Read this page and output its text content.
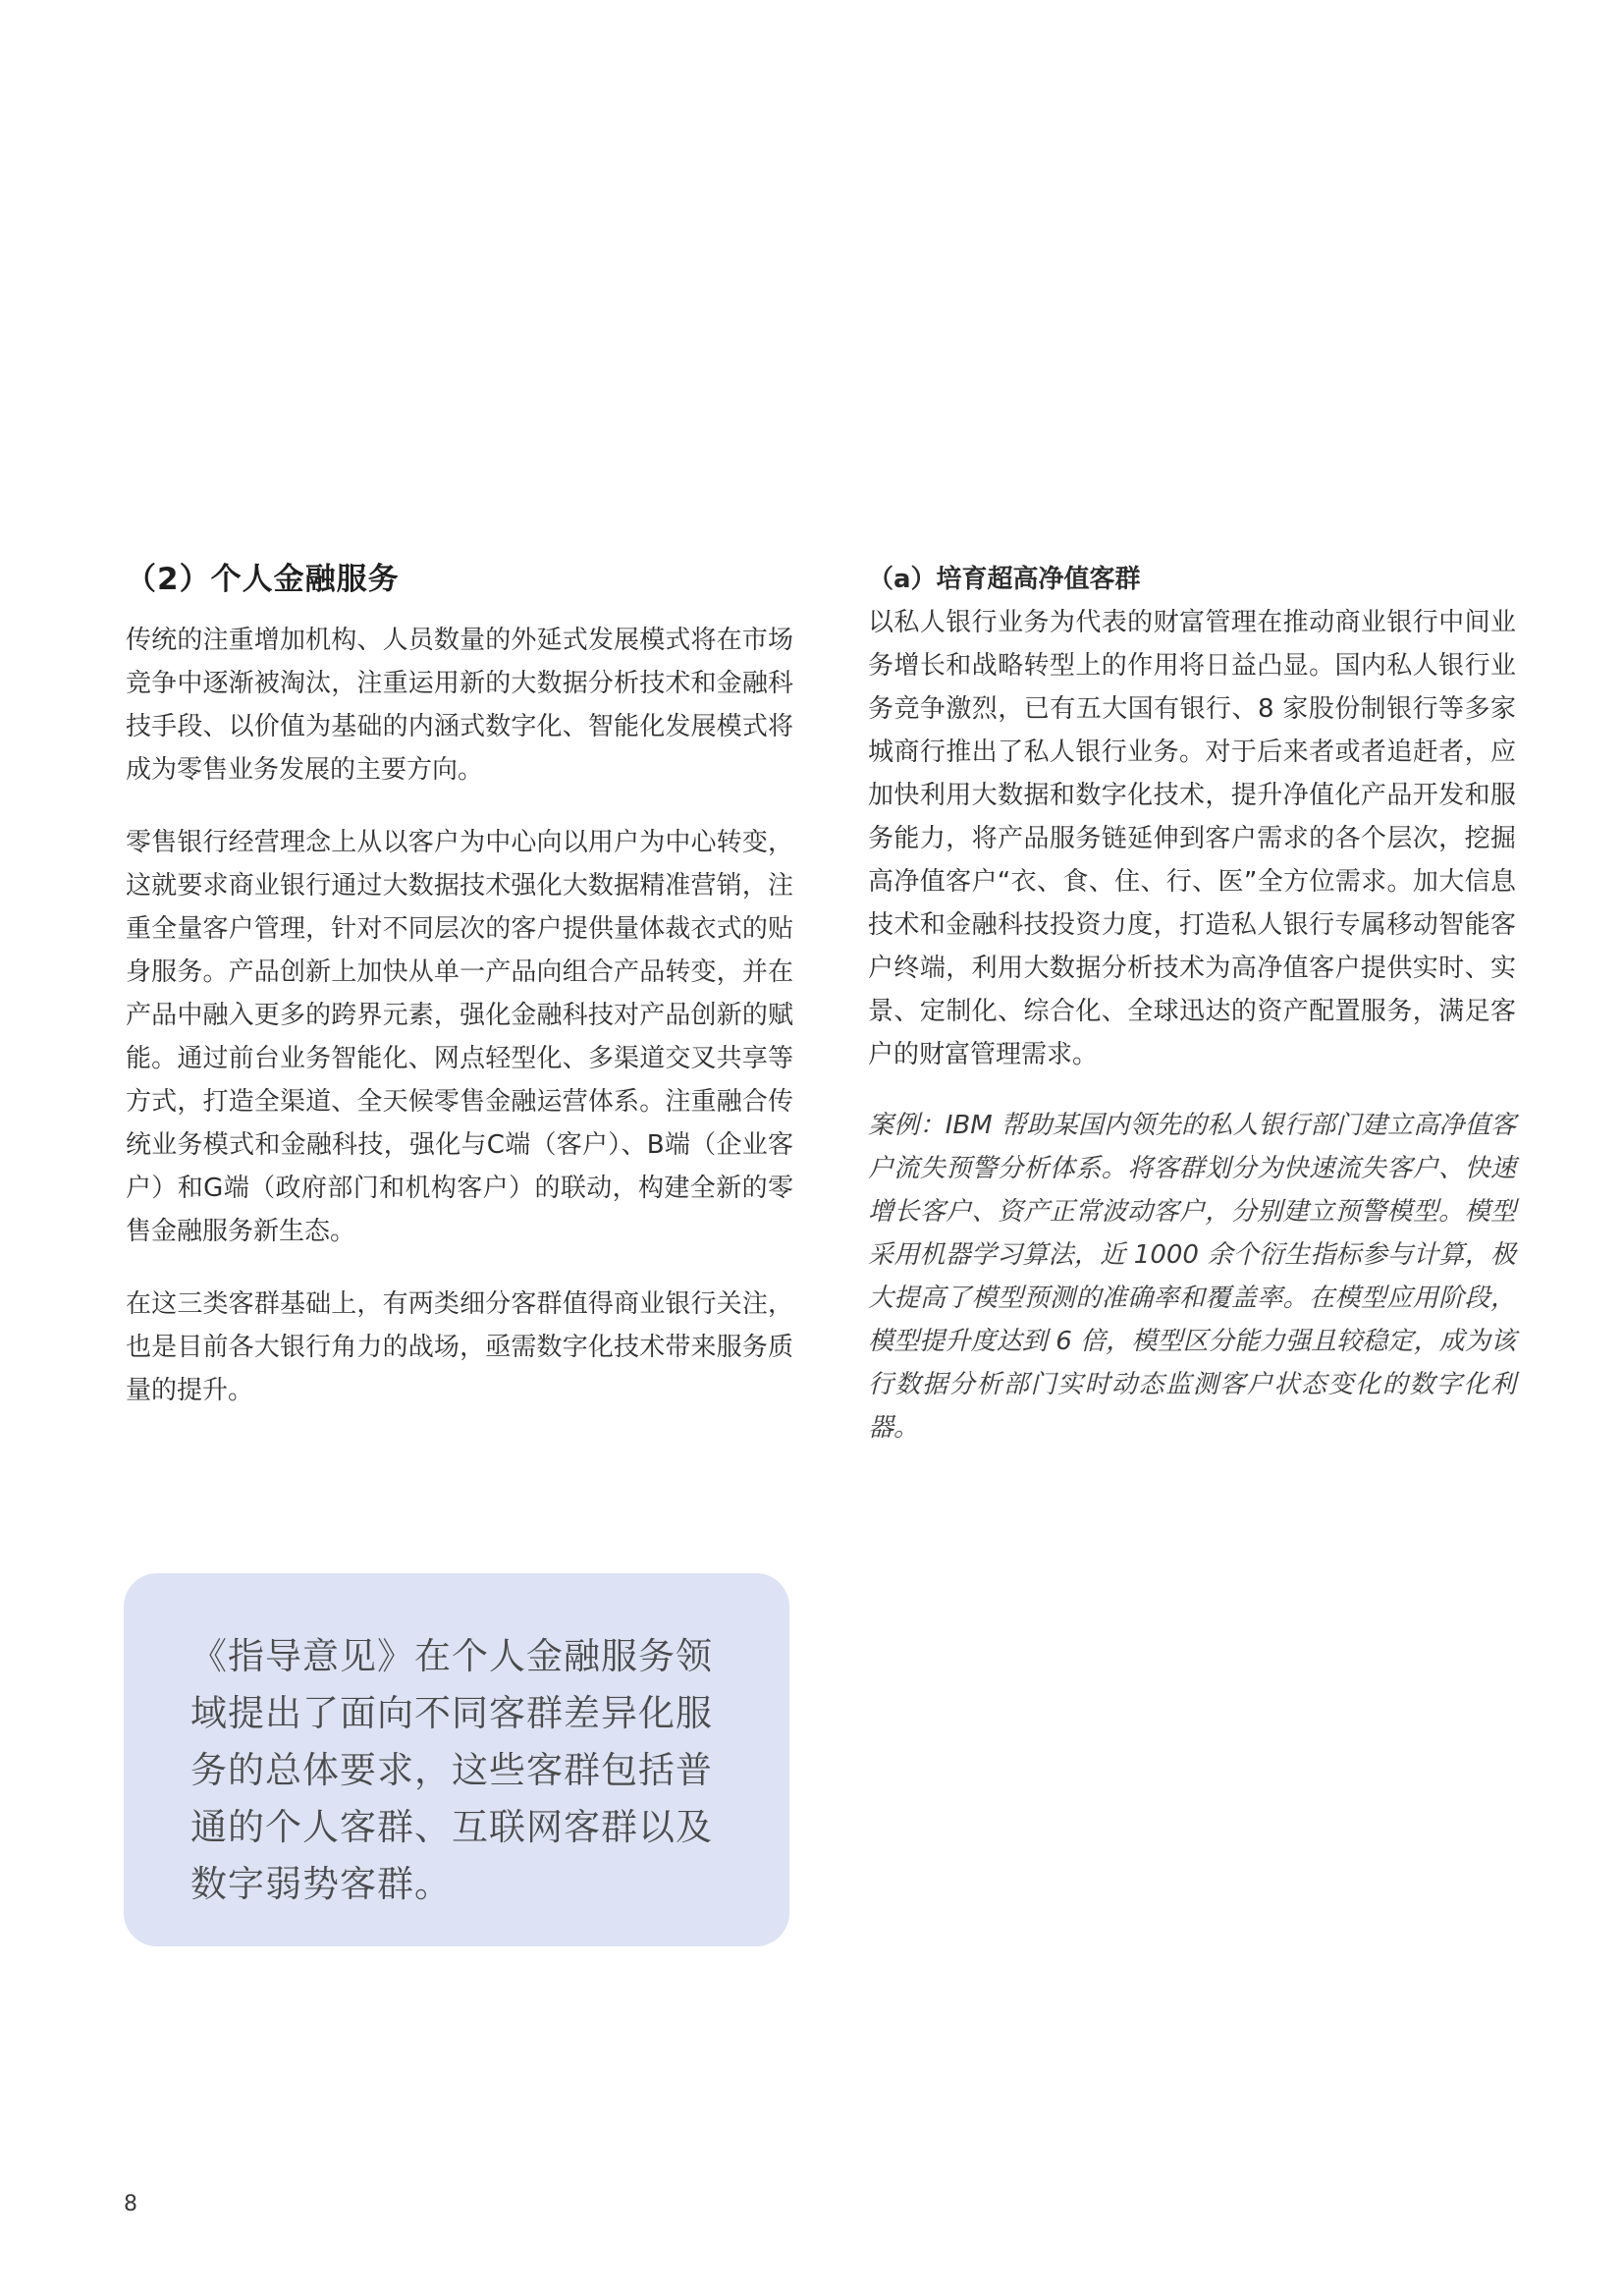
（2）个人金融服务

传统的注重增加机构、人员数量的外延式发展模式将在市场竞争中逐渐被淘汰，注重运用新的大数据分析技术和金融科技手段、以价值为基础的内涵式数字化、智能化发展模式将成为零售业务发展的主要方向。

零售银行经营理念上从以客户为中心向以用户为中心转变，这就要求商业银行通过大数据技术强化大数据精准营销，注重全量客户管理，针对不同层次的客户提供量体裁衣式的贴身服务。产品创新上加快从单一产品向组合产品转变，并在产品中融入更多的跨界元素，强化金融科技对产品创新的赋能。通过前台业务智能化、网点轻型化、多渠道交叉共享等方式，打造全渠道、全天候零售金融运营体系。注重融合传统业务模式和金融科技，强化与C端（客户）、B端（企业客户）和G端（政府部门和机构客户）的联动，构建全新的零售金融服务新生态。

在这三类客群基础上，有两类细分客群值得商业银行关注，也是目前各大银行角力的战场，亟需数字化技术带来服务质量的提升。

《指导意见》在个人金融服务领域提出了面向不同客群差异化服务的总体要求，这些客群包括普通的个人客群、互联网客群以及数字弱势客群。

（a）培育超高净值客群

以私人银行业务为代表的财富管理在推动商业银行中间业务增长和战略转型上的作用将日益凸显。国内私人银行业务竞争激烈，已有五大国有银行、8 家股份制银行等多家城商行推出了私人银行业务。对于后来者或者追赶者，应加快利用大数据和数字化技术，提升净值化产品开发和服务能力，将产品服务链延伸到客户需求的各个层次，挖掘高净值客户“衣、食、住、行、医”全方位需求。加大信息技术和金融科技投资力度，打造私人银行专属移动智能客户终端，利用大数据分析技术为高净值客户提供实时、实景、定制化、综合化、全球迅达的资产配置服务，满足客户的财富管理需求。

案例：IBM 帮助某国内领先的私人银行部门建立高净值客户流失预警分析体系。将客群划分为快速流失客户、快速增长客户、资产正常波动客户，分别建立预警模型。模型采用机器学习算法，近 1000 余个衍生指标参与计算，极大提高了模型预测的准确率和覆盖率。在模型应用阶段，模型提升度达到 6 倍，模型区分能力强且较稳定，成为该行数据分析部门实时动态监测客户状态变化的数字化利器。

8
